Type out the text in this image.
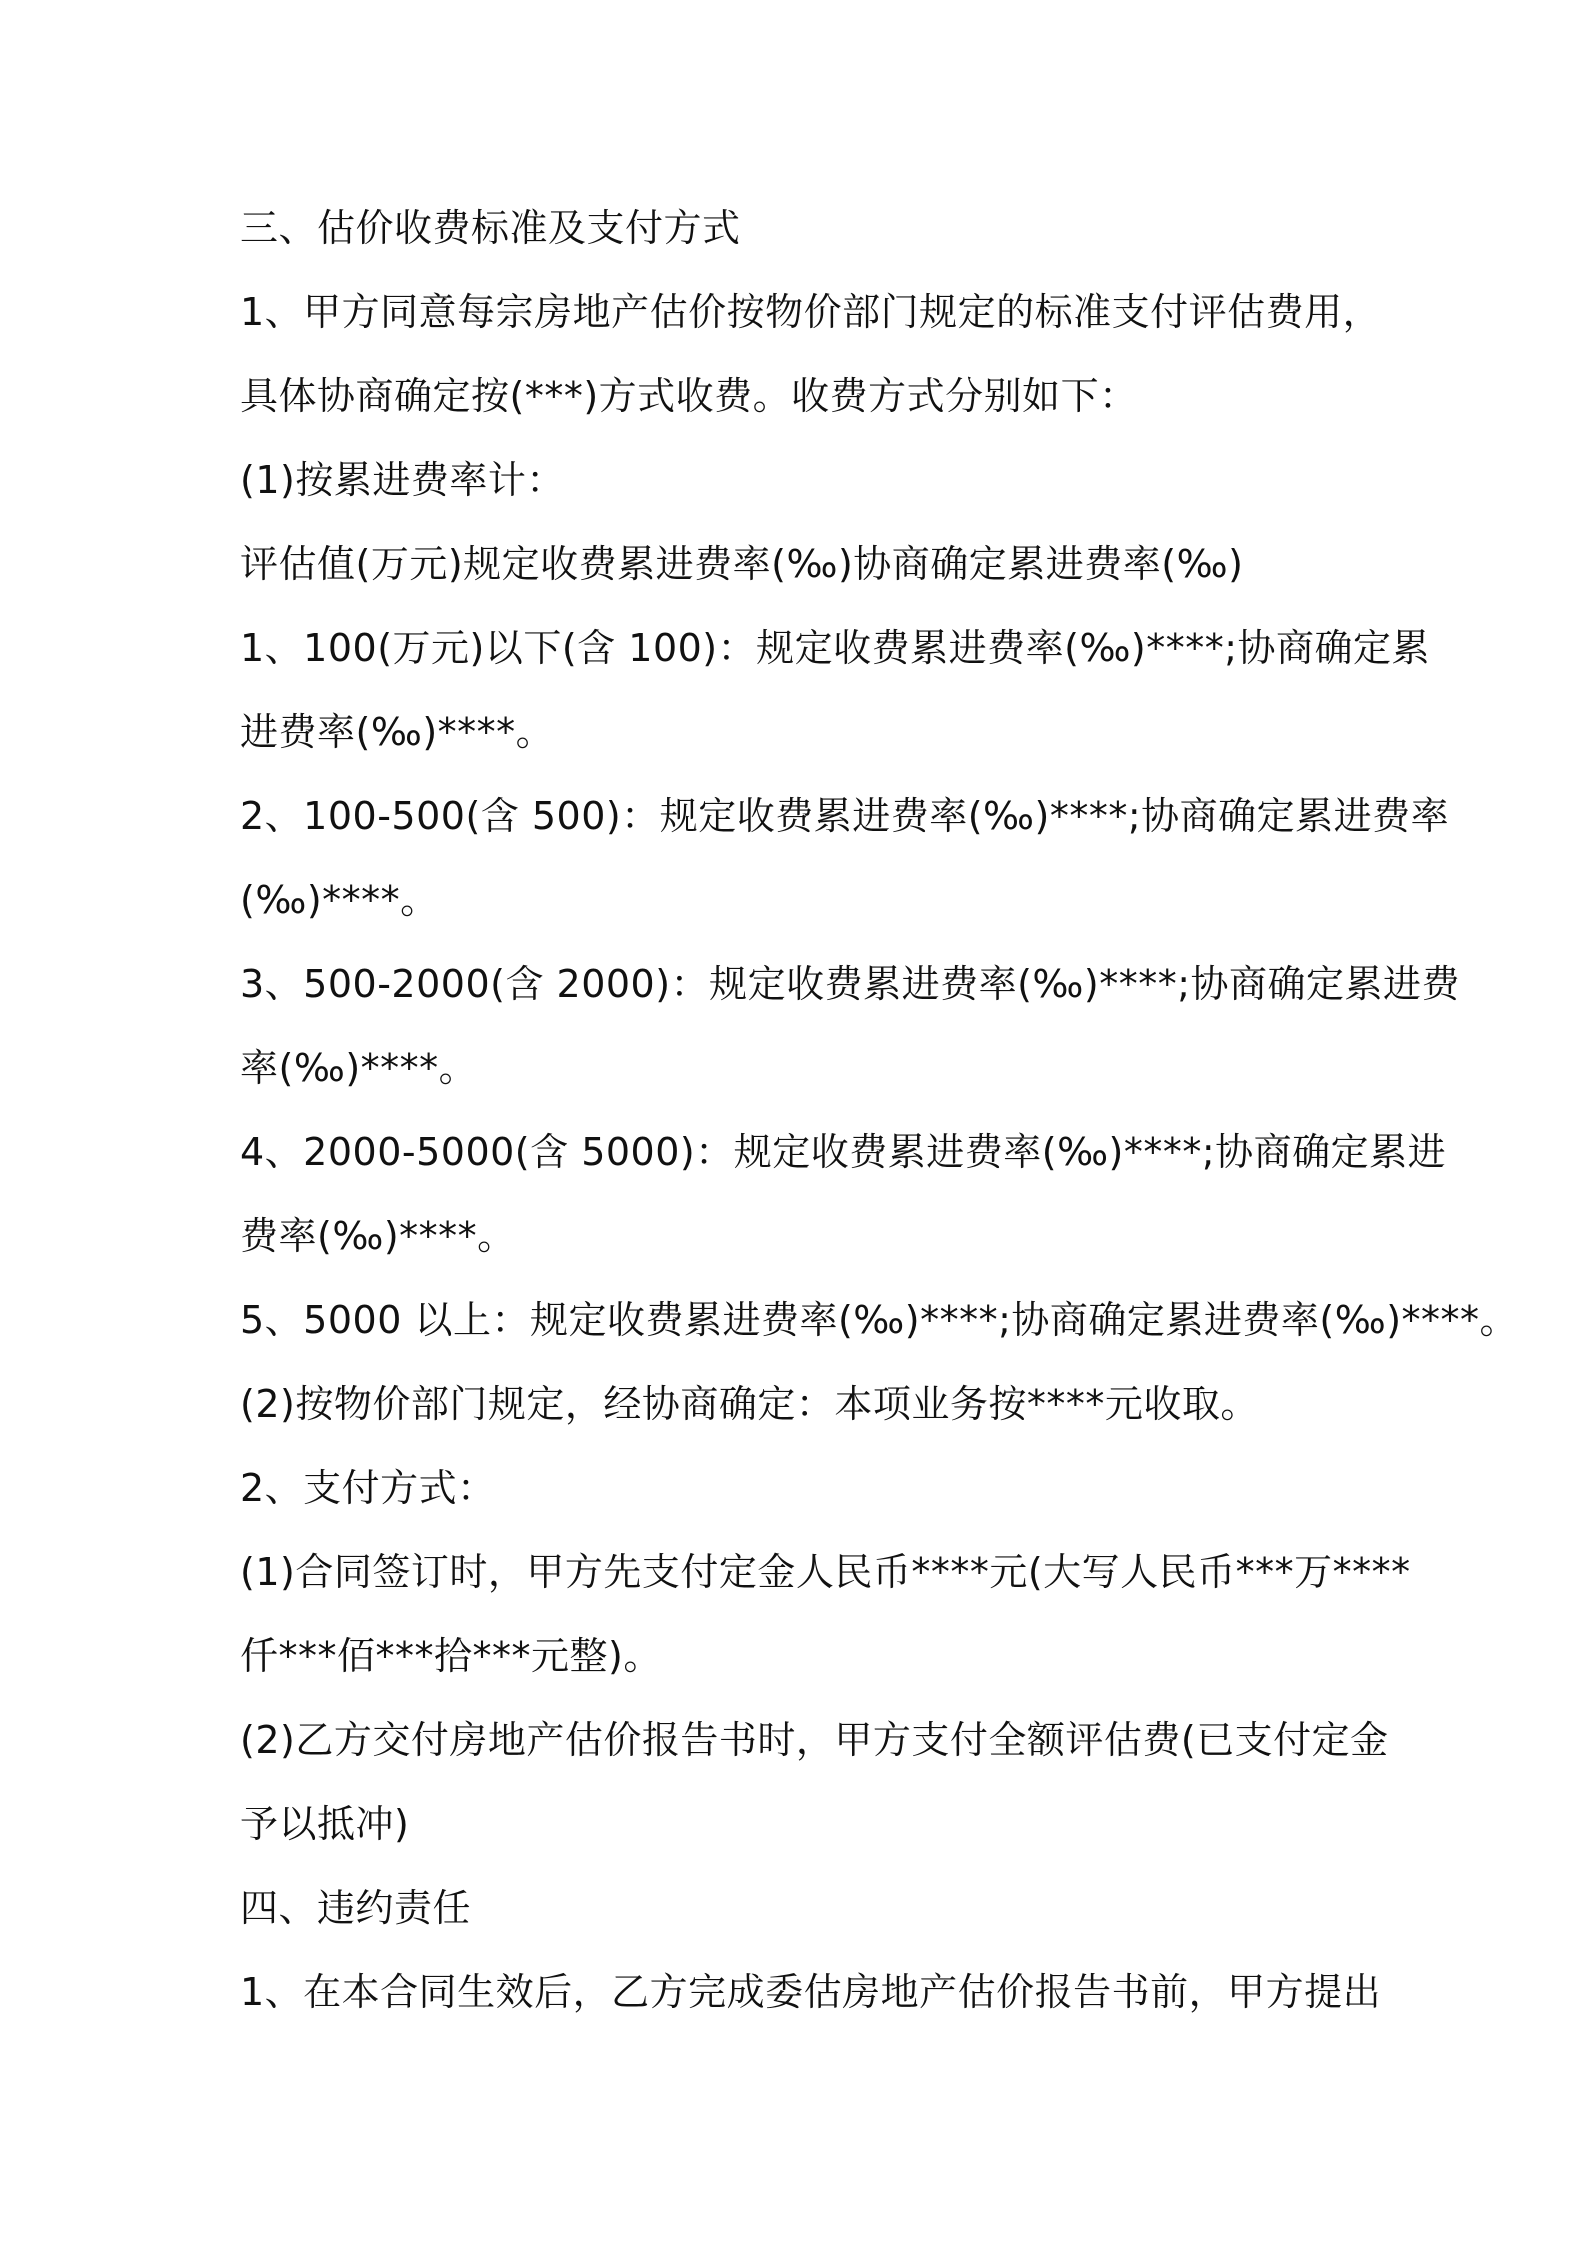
三、估价收费标准及支付方式
1、甲方同意每宗房地产估价按物价部门规定的标准支付评估费用，
具体协商确定按(***)方式收费。收费方式分别如下：
(1)按累进费率计：
评估值(万元)规定收费累进费率(‰)协商确定累进费率(‰)
1、100(万元)以下(含 100)：规定收费累进费率(‰)****;协商确定累
进费率(‰)****。
2、100-500(含 500)：规定收费累进费率(‰)****;协商确定累进费率
(‰)****。
3、500-2000(含 2000)：规定收费累进费率(‰)****;协商确定累进费
率(‰)****。
4、2000-5000(含 5000)：规定收费累进费率(‰)****;协商确定累进
费率(‰)****。
5、5000 以上：规定收费累进费率(‰)****;协商确定累进费率(‰)****。
(2)按物价部门规定，经协商确定：本项业务按****元收取。
2、支付方式：
(1)合同签订时，甲方先支付定金人民币****元(大写人民币***万****
仟***佰***拾***元整)。
(2)乙方交付房地产估价报告书时，甲方支付全额评估费(已支付定金
予以抵冲)
四、违约责任
1、在本合同生效后，乙方完成委估房地产估价报告书前，甲方提出
